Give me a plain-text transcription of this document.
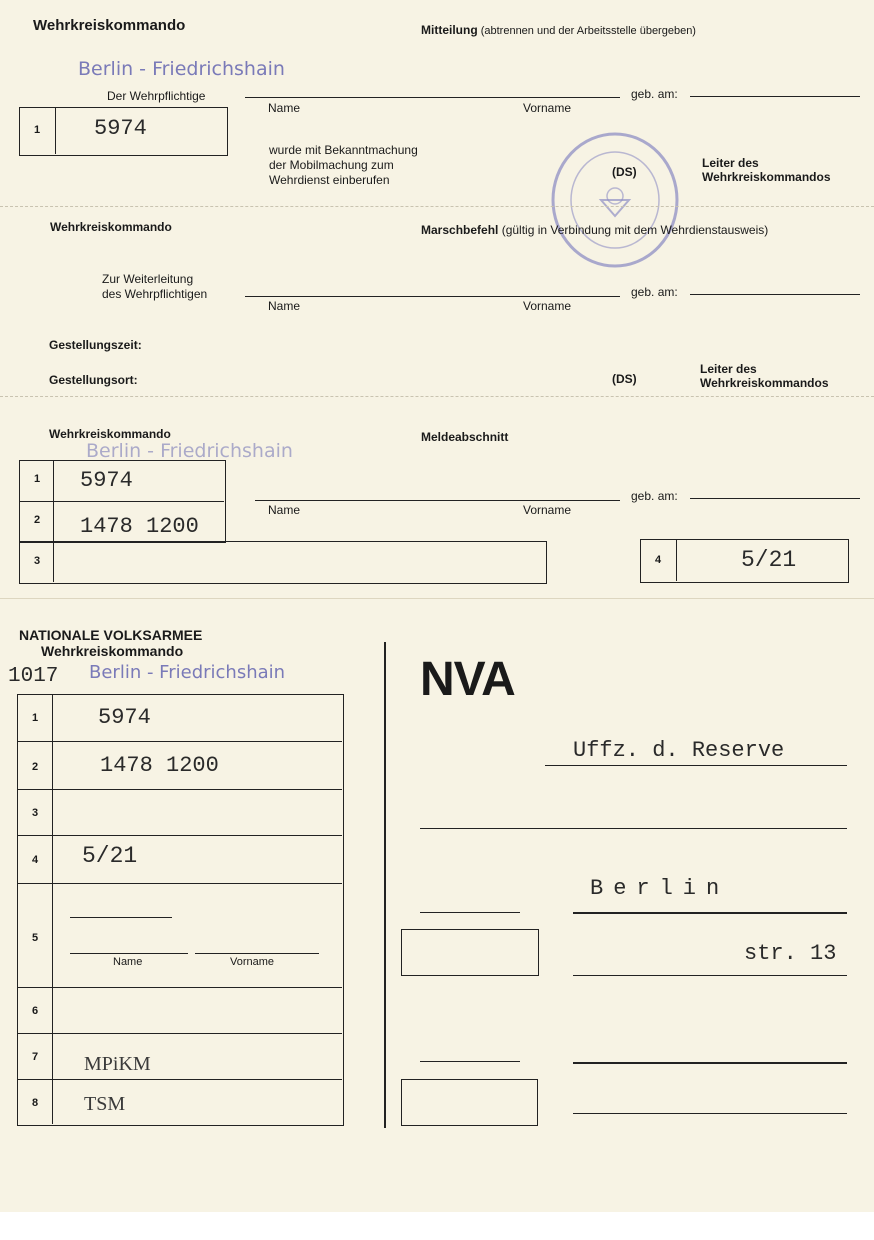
Wehrkreiskommando	Mitteilung (abtrennen und der Arbeitsstelle übergeben)
Berlin - Friedrichshain
Der Wehrpflichtige
Name	Vorname
geb. am:
1 5974
wurde mit Bekanntmachung
der Mobilmachung zum
Wehrdienst einberufen
(DS)
Leiter des
Wehrkreiskommandos
Wehrkreiskommando	Marschbefehl (gültig in Verbindung mit dem Wehrdienstausweis)
Zur Weiterleitung
des Wehrpflichtigen
Name	Vorname
geb. am:
Gestellungszeit:
Gestellungsort:	(DS)
Leiter des
Wehrkreiskommandos
Wehrkreiskommando
Berlin - Friedrichshain
Meldeabschnitt
1 5974
2 1478 1200
3	4	5/21
Name	Vorname
geb. am:
NATIONALE VOLKSARMEE
Wehrkreiskommando
1017 Berlin - Friedrichshain
1	5974
2	1478 1200
3
4 5/21
5
Name	Vorname
6
7 MPiKM
8 TSM
NVA
Uffz. d. Reserve
Berlin
str. 13
